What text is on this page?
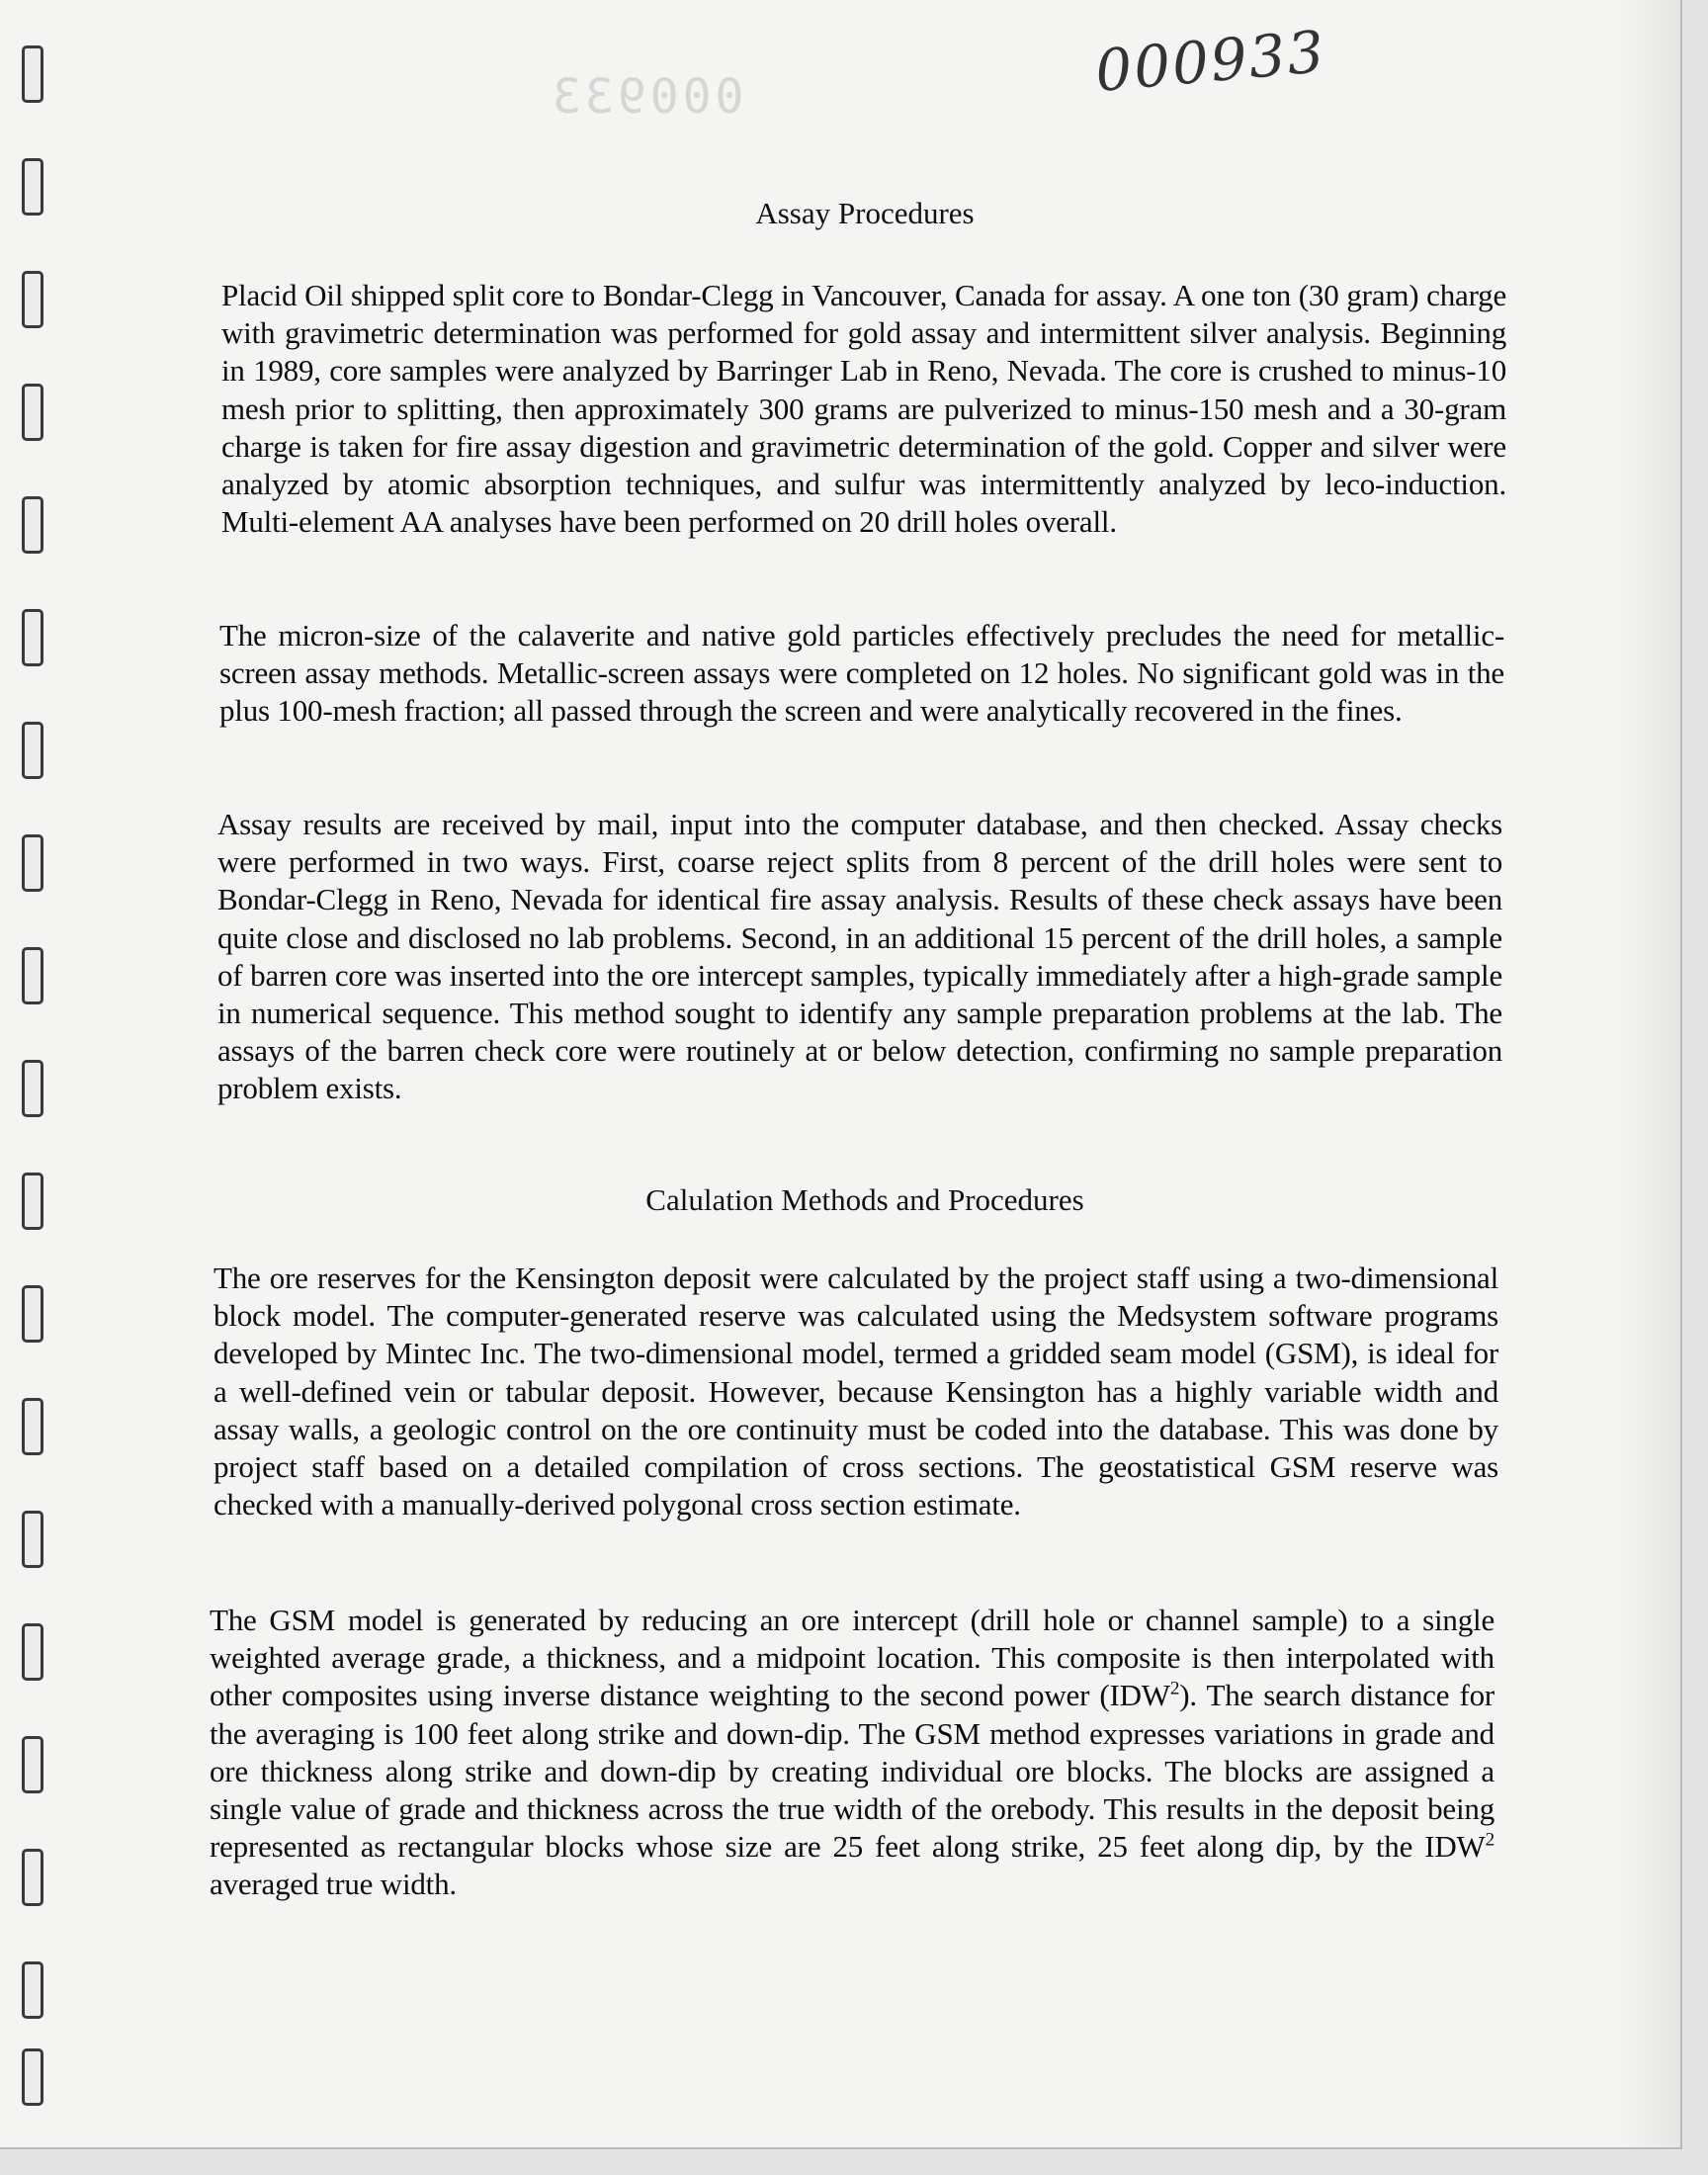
000933	000933
Assay Procedures

Placid Oil shipped split core to Bondar-Clegg in Vancouver, Canada for assay. A one ton (30 gram) charge with gravimetric determination was performed for gold assay and intermittent silver analysis. Beginning in 1989, core samples were analyzed by Barringer Lab in Reno, Nevada. The core is crushed to minus-10 mesh prior to splitting, then approximately 300 grams are pulverized to minus-150 mesh and a 30-gram charge is taken for fire assay digestion and gravimetric determination of the gold. Copper and silver were analyzed by atomic absorption techniques, and sulfur was intermittently analyzed by leco-induction. Multi-element AA analyses have been performed on 20 drill holes overall.

The micron-size of the calaverite and native gold particles effectively precludes the need for metallic-screen assay methods. Metallic-screen assays were completed on 12 holes. No significant gold was in the plus 100-mesh fraction; all passed through the screen and were analytically recovered in the fines.

Assay results are received by mail, input into the computer database, and then checked. Assay checks were performed in two ways. First, coarse reject splits from 8 percent of the drill holes were sent to Bondar-Clegg in Reno, Nevada for identical fire assay analysis. Results of these check assays have been quite close and disclosed no lab problems. Second, in an additional 15 percent of the drill holes, a sample of barren core was inserted into the ore intercept samples, typically immediately after a high-grade sample in numerical sequence. This method sought to identify any sample preparation problems at the lab. The assays of the barren check core were routinely at or below detection, confirming no sample preparation problem exists.

Calulation Methods and Procedures

The ore reserves for the Kensington deposit were calculated by the project staff using a two-dimensional block model. The computer-generated reserve was calculated using the Medsystem software programs developed by Mintec Inc. The two-dimensional model, termed a gridded seam model (GSM), is ideal for a well-defined vein or tabular deposit. However, because Kensington has a highly variable width and assay walls, a geologic control on the ore continuity must be coded into the database. This was done by project staff based on a detailed compilation of cross sections. The geostatistical GSM reserve was checked with a manually-derived polygonal cross section estimate.

The GSM model is generated by reducing an ore intercept (drill hole or channel sample) to a single weighted average grade, a thickness, and a midpoint location. This composite is then interpolated with other composites using inverse distance weighting to the second power (IDW$^2$). The search distance for the averaging is 100 feet along strike and down-dip. The GSM method expresses variations in grade and ore thickness along strike and down-dip by creating individual ore blocks. The blocks are assigned a single value of grade and thickness across the true width of the orebody. This results in the deposit being represented as rectangular blocks whose size are 25 feet along strike, 25 feet along dip, by the IDW$^2$ averaged true width.
